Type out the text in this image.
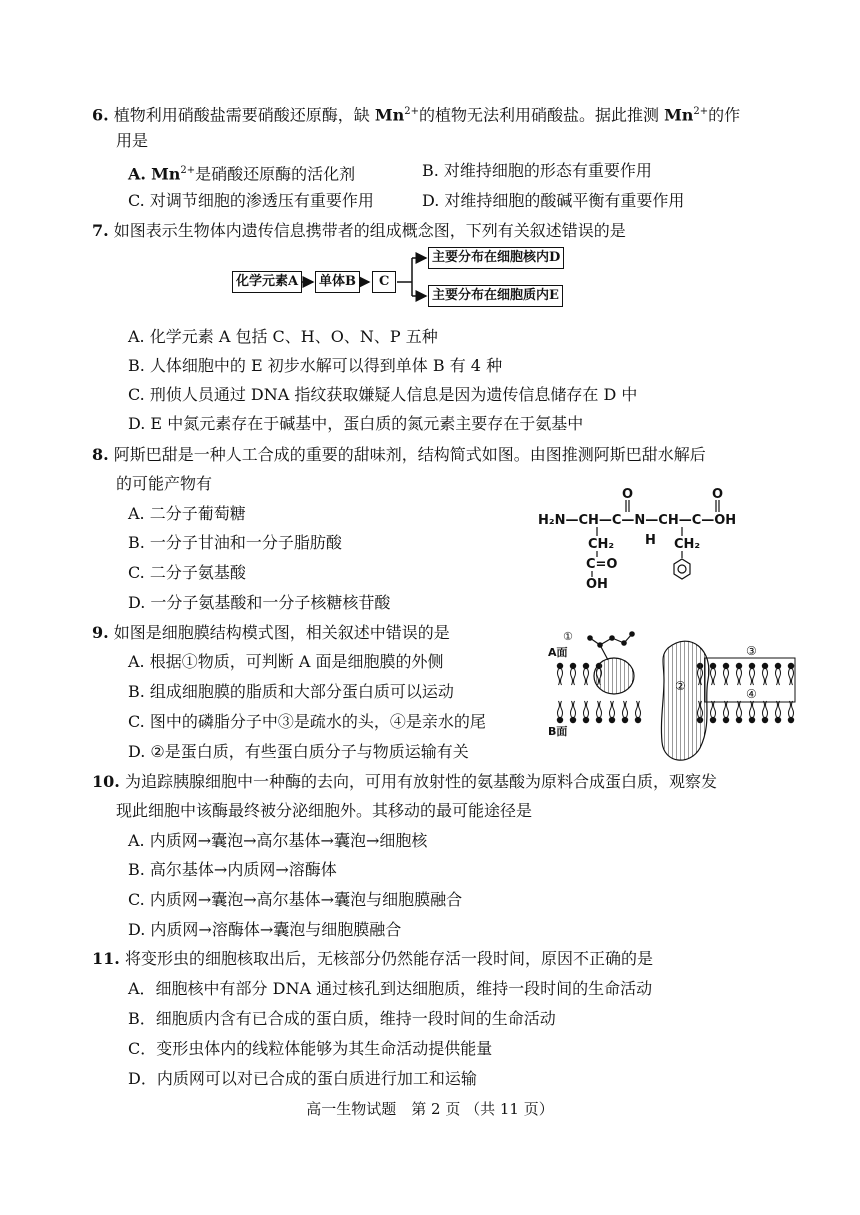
6. 植物利用硝酸盐需要硝酸还原酶，缺 $Mn^{2+}$的植物无法利用硝酸盐。据此推测 $Mn^{2+}$的作
用是
A. $Mn^{2+}$是硝酸还原酶的活化剂	B. 对维持细胞的形态有重要作用
C. 对调节细胞的渗透压有重要作用	D. 对维持细胞的酸碱平衡有重要作用
7. 如图表示生物体内遗传信息携带者的组成概念图，下列有关叙述错误的是
化学元素A	单体B	C
主要分布在细胞核内D
主要分布在细胞质内E
A. 化学元素 A 包括 C、H、O、N、P 五种
B. 人体细胞中的 E 初步水解可以得到单体 B 有 4 种
C. 刑侦人员通过 DNA 指纹获取嫌疑人信息是因为遗传信息储存在 D 中
D. E 中氮元素存在于碱基中，蛋白质的氮元素主要存在于氨基中
8. 阿斯巴甜是一种人工合成的重要的甜味剂，结构简式如图。由图推测阿斯巴甜水解后
的可能产物有
A. 二分子葡萄糖
B. 一分子甘油和一分子脂肪酸
C. 二分子氨基酸
D. 一分子氨基酸和一分子核糖核苷酸
O	O
H₂N—CH—C—N—CH—C—OH
H
CH₂	CH₂
C=O
OH
9. 如图是细胞膜结构模式图，相关叙述中错误的是
A. 根据①物质，可判断 A 面是细胞膜的外侧
B. 组成细胞膜的脂质和大部分蛋白质可以运动
C. 图中的磷脂分子中③是疏水的头，④是亲水的尾
D. ②是蛋白质，有些蛋白质分子与物质运输有关
①
②
③
④
A面
B面
10. 为追踪胰腺细胞中一种酶的去向，可用有放射性的氨基酸为原料合成蛋白质，观察发
现此细胞中该酶最终被分泌细胞外。其移动的最可能途径是
A. 内质网→囊泡→高尔基体→囊泡→细胞核
B. 高尔基体→内质网→溶酶体
C. 内质网→囊泡→高尔基体→囊泡与细胞膜融合
D. 内质网→溶酶体→囊泡与细胞膜融合
11. 将变形虫的细胞核取出后，无核部分仍然能存活一段时间，原因不正确的是
A．细胞核中有部分 DNA 通过核孔到达细胞质，维持一段时间的生命活动
B．细胞质内含有已合成的蛋白质，维持一段时间的生命活动
C．变形虫体内的线粒体能够为其生命活动提供能量
D．内质网可以对已合成的蛋白质进行加工和运输
高一生物试题　第 2 页 （共 11 页）
